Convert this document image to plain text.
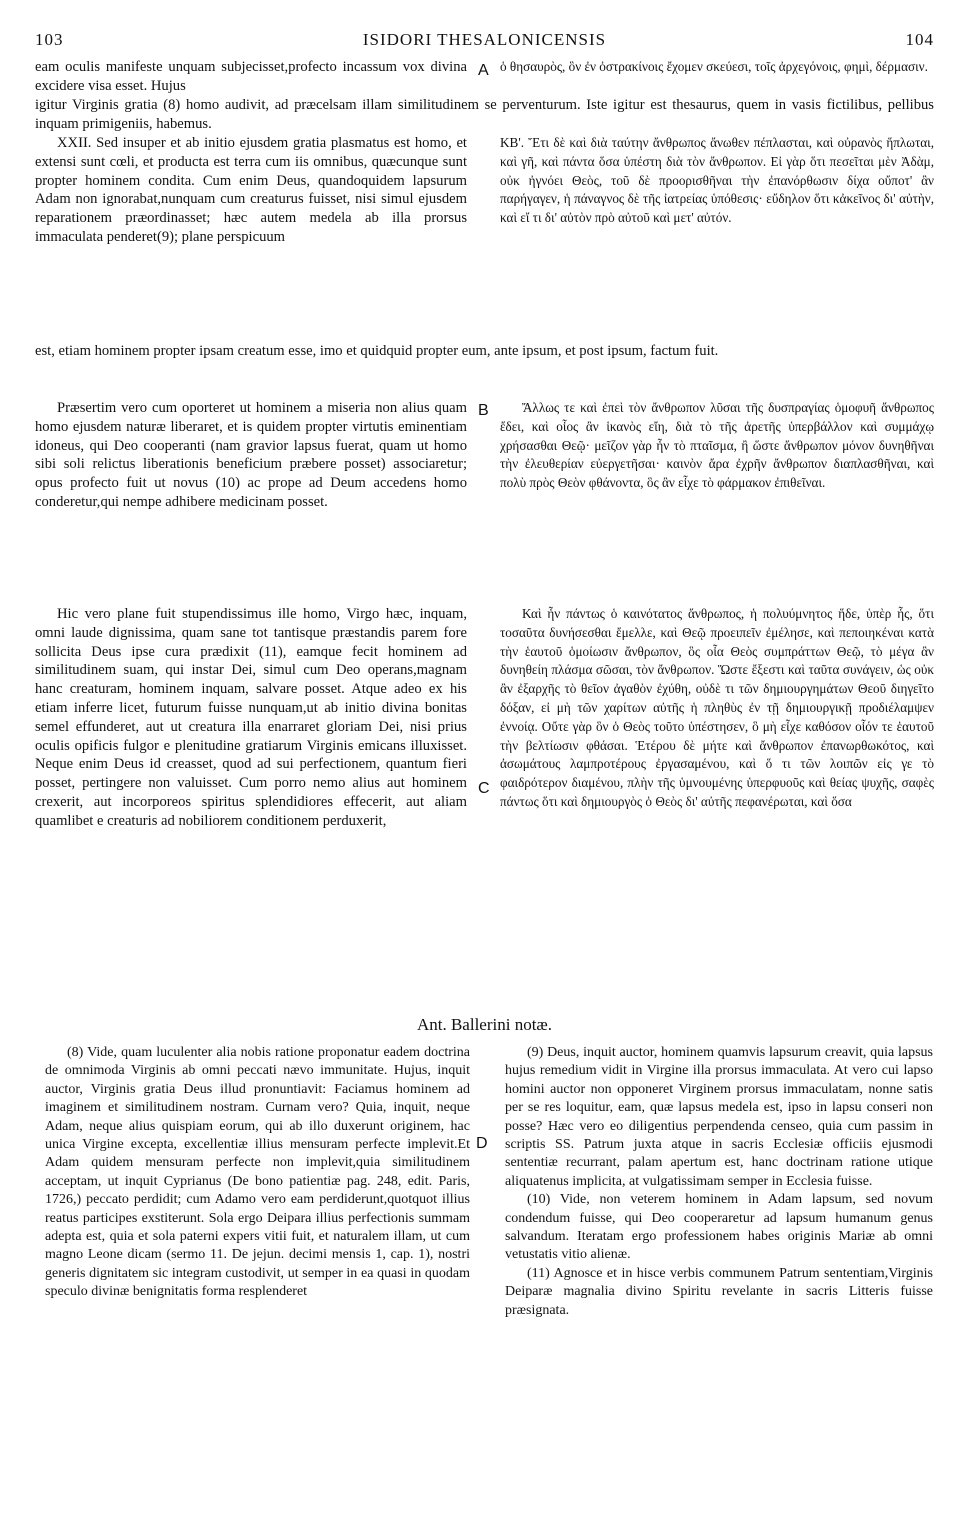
103	ISIDORI THESALONICENSIS	104
eam oculis manifeste unquam subjecisset,profecto incassum vox divina excidere visa esset. Hujus
A ὁ θησαυρὸς, ὃν ἐν ὀστρακίνοις ἔχομεν σκεύεσι, τοῖς ἀρχεγόνοις, φημὶ, δέρμασιν.
igitur Virginis gratia (8) homo audivit, ad præcelsam illam similitudinem se perventurum. Iste igitur est thesaurus, quem in vasis fictilibus, pellibus inquam primigeniis, habemus.

XXII. Sed insuper et ab initio ejusdem gratia plasmatus est homo, et extensi sunt cœli, et producta est terra cum iis omnibus, quæcunque sunt propter hominem condita. Cum enim Deus, quandoquidem lapsurum Adam non ignorabat,nunquam cum creaturus fuisset, nisi simul ejusdem reparationem præordinasset; hæc autem medela ab illa prorsus immaculata penderet(9); plane perspicuum

ΚΒ'. Ἔτι δὲ καὶ διὰ ταύτην ἄνθρωπος ἄνωθεν πέπλασται, καὶ οὐρανὸς ἥπλωται, καὶ γῆ, καὶ πάντα ὅσα ὑπέστη διὰ τὸν ἄνθρωπον. Εἰ γὰρ ὅτι πεσεῖται μὲν Ἀδὰμ, οὐκ ἠγνόει Θεὸς, τοῦ δὲ προορισθῆναι τὴν ἐπανόρθωσιν δίχα οὔποτ' ἂν παρήγαγεν, ἡ πάναγνος δὲ τῆς ἰατρείας ὑπόθεσις· εὔδηλον ὅτι κἀκεῖνος δι' αὐτὴν, καὶ εἴ τι δι' αὐτὸν πρὸ αὐτοῦ καὶ μετ' αὐτόν.

est, etiam hominem propter ipsam creatum esse, imo et quidquid propter eum, ante ipsum, et post ipsum, factum fuit.

Præsertim vero cum oporteret ut hominem a miseria non alius quam homo ejusdem naturæ liberaret, et is quidem propter virtutis eminentiam idoneus, qui Deo cooperanti (nam gravior lapsus fuerat, quam ut homo sibi soli relictus liberationis beneficium præbere posset) associaretur; opus profecto fuit ut novus (10) ac prope ad Deum accedens homo conderetur,qui nempe adhibere medicinam posset.

B	Ἄλλως τε καὶ ἐπεὶ τὸν ἄνθρωπον λῦσαι τῆς δυσπραγίας ὁμοφυῆ ἄνθρωπος ἔδει, καὶ οἷος ἂν ἱκανὸς εἴη, διὰ τὸ τῆς ἀρετῆς ὑπερβάλλον καὶ συμμάχῳ χρήσασθαι Θεῷ· μεῖζον γὰρ ἦν τὸ πταῖσμα, ἢ ὥστε ἄνθρωπον μόνον δυνηθῆναι τὴν ἐλευθερίαν εὐεργετῆσαι· καινὸν ἄρα ἐχρῆν ἄνθρωπον διαπλασθῆναι, καὶ πολὺ πρὸς Θεὸν φθάνοντα, ὃς ἂν εἶχε τὸ φάρμακον ἐπιθεῖναι.

Hic vero plane fuit stupendissimus ille homo, Virgo hæc, inquam, omni laude dignissima, quam sane tot tantisque præstandis parem fore sollicita Deus ipse cura prædixit (11), eamque fecit hominem ad similitudinem suam, qui instar Dei, simul cum Deo operans,magnam hanc creaturam, hominem inquam, salvare posset. Atque adeo ex his etiam inferre licet, futurum fuisse nunquam,ut ab initio divina bonitas semel effunderet, aut ut creatura illa enarraret gloriam Dei, nisi prius oculis opificis fulgor e plenitudine gratiarum Virginis emicans illuxisset. Neque enim Deus id creasset, quod ad sui perfectionem, quantum fieri posset, pertingere non valuisset. Cum porro nemo alius aut hominem crexerit, aut incorporeos spiritus splendidiores effecerit, aut aliam quamlibet e creaturis ad nobiliorem conditionem perduxerit,

C

Καὶ ἦν πάντως ὁ καινότατος ἄνθρωπος, ἡ πολυύμνητος ἥδε, ὑπὲρ ἧς, ὅτι τοσαῦτα δυνήσεσθαι ἔμελλε, καὶ Θεῷ προειπεῖν ἐμέλησε, καὶ πεποιηκέναι κατὰ τὴν ἑαυτοῦ ὁμοίωσιν ἄνθρωπον, ὃς οἷα Θεὸς συμπράττων Θεῷ, τὸ μέγα ἂν δυνηθείη πλάσμα σῶσαι, τὸν ἄνθρωπον. Ὥστε ἔξεστι καὶ ταῦτα συνάγειν, ὡς οὐκ ἂν ἐξαρχῆς τὸ θεῖον ἀγαθὸν ἐχύθη, οὐδὲ τι τῶν δημιουργημάτων Θεοῦ διηγεῖτο δόξαν, εἰ μὴ τῶν χαρίτων αὐτῆς ἡ πληθὺς ἐν τῇ δημιουργικῇ προδιέλαμψεν ἐννοίᾳ. Οὔτε γὰρ ὃν ὁ Θεὸς τοῦτο ὑπέστησεν, ὃ μὴ εἶχε καθόσον οἷόν τε ἑαυτοῦ τὴν βελτίωσιν φθάσαι. Ἑτέρου δὲ μήτε καὶ ἄνθρωπον ἐπανωρθωκότος, καὶ ἀσωμάτους λαμπροτέρους ἐργασαμένου, καὶ ὅ τι τῶν λοιπῶν εἰς γε τὸ φαιδρότερον διαμένου, πλὴν τῆς ὑμνουμένης ὑπερφυοῦς καὶ θείας ψυχῆς, σαφὲς πάντως ὅτι καὶ δημιουργὸς ὁ Θεὸς δι' αὐτῆς πεφανέρωται, καὶ ὅσα

Ant. Ballerini notæ.

(8) Vide, quam luculenter alia nobis ratione proponatur eadem doctrina de omnimoda Virginis ab omni peccati nævo immunitate. Hujus, inquit auctor, Virginis gratia Deus illud pronuntiavit: Faciamus hominem ad imaginem et similitudinem nostram. Curnam vero? Quia, inquit, neque Adam, neque alius quispiam eorum, qui ab illo duxerunt originem, hac unica Virgine excepta, excellentiæ illius mensuram perfecte implevit.Et Adam quidem mensuram perfecte non implevit,quia similitudinem acceptam, ut inquit Cyprianus (De bono patientiæ pag. 248, edit. Paris, 1726,) peccato perdidit; cum Adamo vero eam perdiderunt,quotquot illius reatus participes exstiterunt. Sola ergo Deipara illius perfectionis summam adepta est, quia et sola paterni expers vitii fuit, et naturalem illam, ut cum magno Leone dicam (sermo 11. De jejun. decimi mensis 1, cap. 1), nostri generis dignitatem sic integram custodivit, ut semper in ea quasi in quodam speculo divinæ benignitatis forma resplenderet

D

(9) Deus, inquit auctor, hominem quamvis lapsurum creavit, quia lapsus hujus remedium vidit in Virgine illa prorsus immaculata. At vero cui lapso homini auctor non opponeret Virginem prorsus immaculatam, nonne satis per se res loquitur, eam, quæ lapsus medela est, ipso in lapsu conseri non posse? Hæc vero eo diligentius perpendenda censeo, quia cum passim in scriptis SS. Patrum juxta atque in sacris Ecclesiæ officiis ejusmodi sententiæ recurrant, palam apertum est, hanc doctrinam ratione utique aliquatenus implicita, at vulgatissimam semper in Ecclesia fuisse.

(10) Vide, non veterem hominem in Adam lapsum, sed novum condendum fuisse, qui Deo cooperaretur ad lapsum humanum genus salvandum. Iteratam ergo professionem habes originis Mariæ ab omni vetustatis vitio alienæ.

(11) Agnosce et in hisce verbis communem Patrum sententiam,Virginis Deiparæ magnalia divino Spiritu revelante in sacris Litteris fuisse præsignata.
